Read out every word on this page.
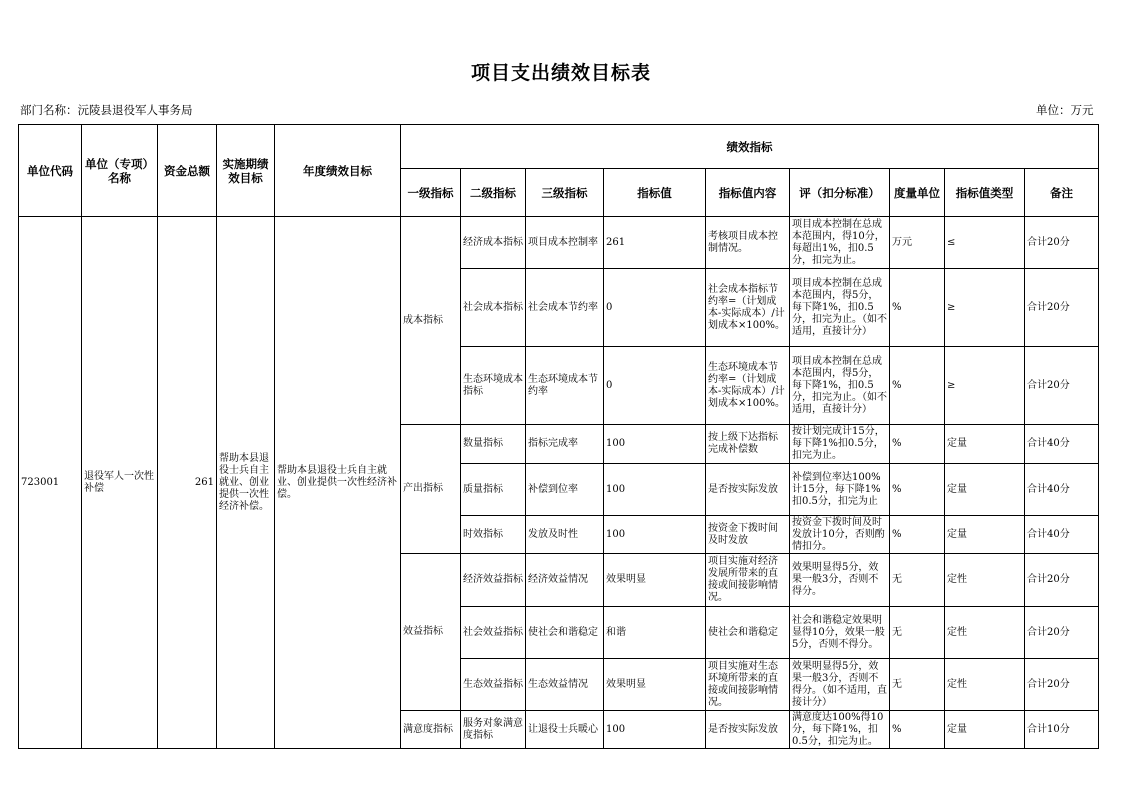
项目支出绩效目标表
部门名称：沅陵县退役军人事务局	单位：万元
单位代码	单位（专项）名称	资金总额	实施期绩效目标	年度绩效目标	绩效指标								
					一级指标	二级指标	三级指标	指标值	指标值内容	评（扣分标准）	度量单位	指标值类型	备注
723001	退役军人一次性补偿	261	帮助本县退役士兵自主就业、创业提供一次性经济补偿。	帮助本县退役士兵自主就业、创业提供一次性经济补偿。	成本指标	经济成本指标	项目成本控制率	261	考核项目成本控制情况。	项目成本控制在总成本范围内，得10分，每超出1%，扣0.5分，扣完为止。	万元	≤	合计20分
						社会成本指标	社会成本节约率	0	社会成本指标节约率=（计划成本-实际成本）/计划成本×100%。	项目成本控制在总成本范围内，得5分，每下降1%，扣0.5分，扣完为止。（如不适用，直接计分）	%	≥	合计20分
						生态环境成本指标	生态环境成本节约率	0	生态环境成本节约率=（计划成本-实际成本）/计划成本×100%。	项目成本控制在总成本范围内，得5分，每下降1%，扣0.5分，扣完为止。（如不适用，直接计分）	%	≥	合计20分
					产出指标	数量指标	指标完成率	100	按上级下达指标完成补偿数	按计划完成计15分，每下降1%扣0.5分，扣完为止。	%	定量	合计40分
						质量指标	补偿到位率	100	是否按实际发放	补偿到位率达100%计15分，每下降1%扣0.5分，扣完为止	%	定量	合计40分
						时效指标	发放及时性	100	按资金下拨时间及时发放	按资金下拨时间及时发放计10分，否则酌情扣分。	%	定量	合计40分
					效益指标	经济效益指标	经济效益情况	效果明显	项目实施对经济发展所带来的直接或间接影响情况。	效果明显得5分，效果一般3分，否则不得分。	无	定性	合计20分
						社会效益指标	使社会和谐稳定	和谐	使社会和谐稳定	社会和谐稳定效果明显得10分，效果一般5分，否则不得分。	无	定性	合计20分
						生态效益指标	生态效益情况	效果明显	项目实施对生态环境所带来的直接或间接影响情况。	效果明显得5分，效果一般3分，否则不得分。（如不适用，直接计分）	无	定性	合计20分
					满意度指标	服务对象满意度指标	让退役士兵暖心	100	是否按实际发放	满意度达100%得10分，每下降1%，扣0.5分，扣完为止。	%	定量	合计10分
